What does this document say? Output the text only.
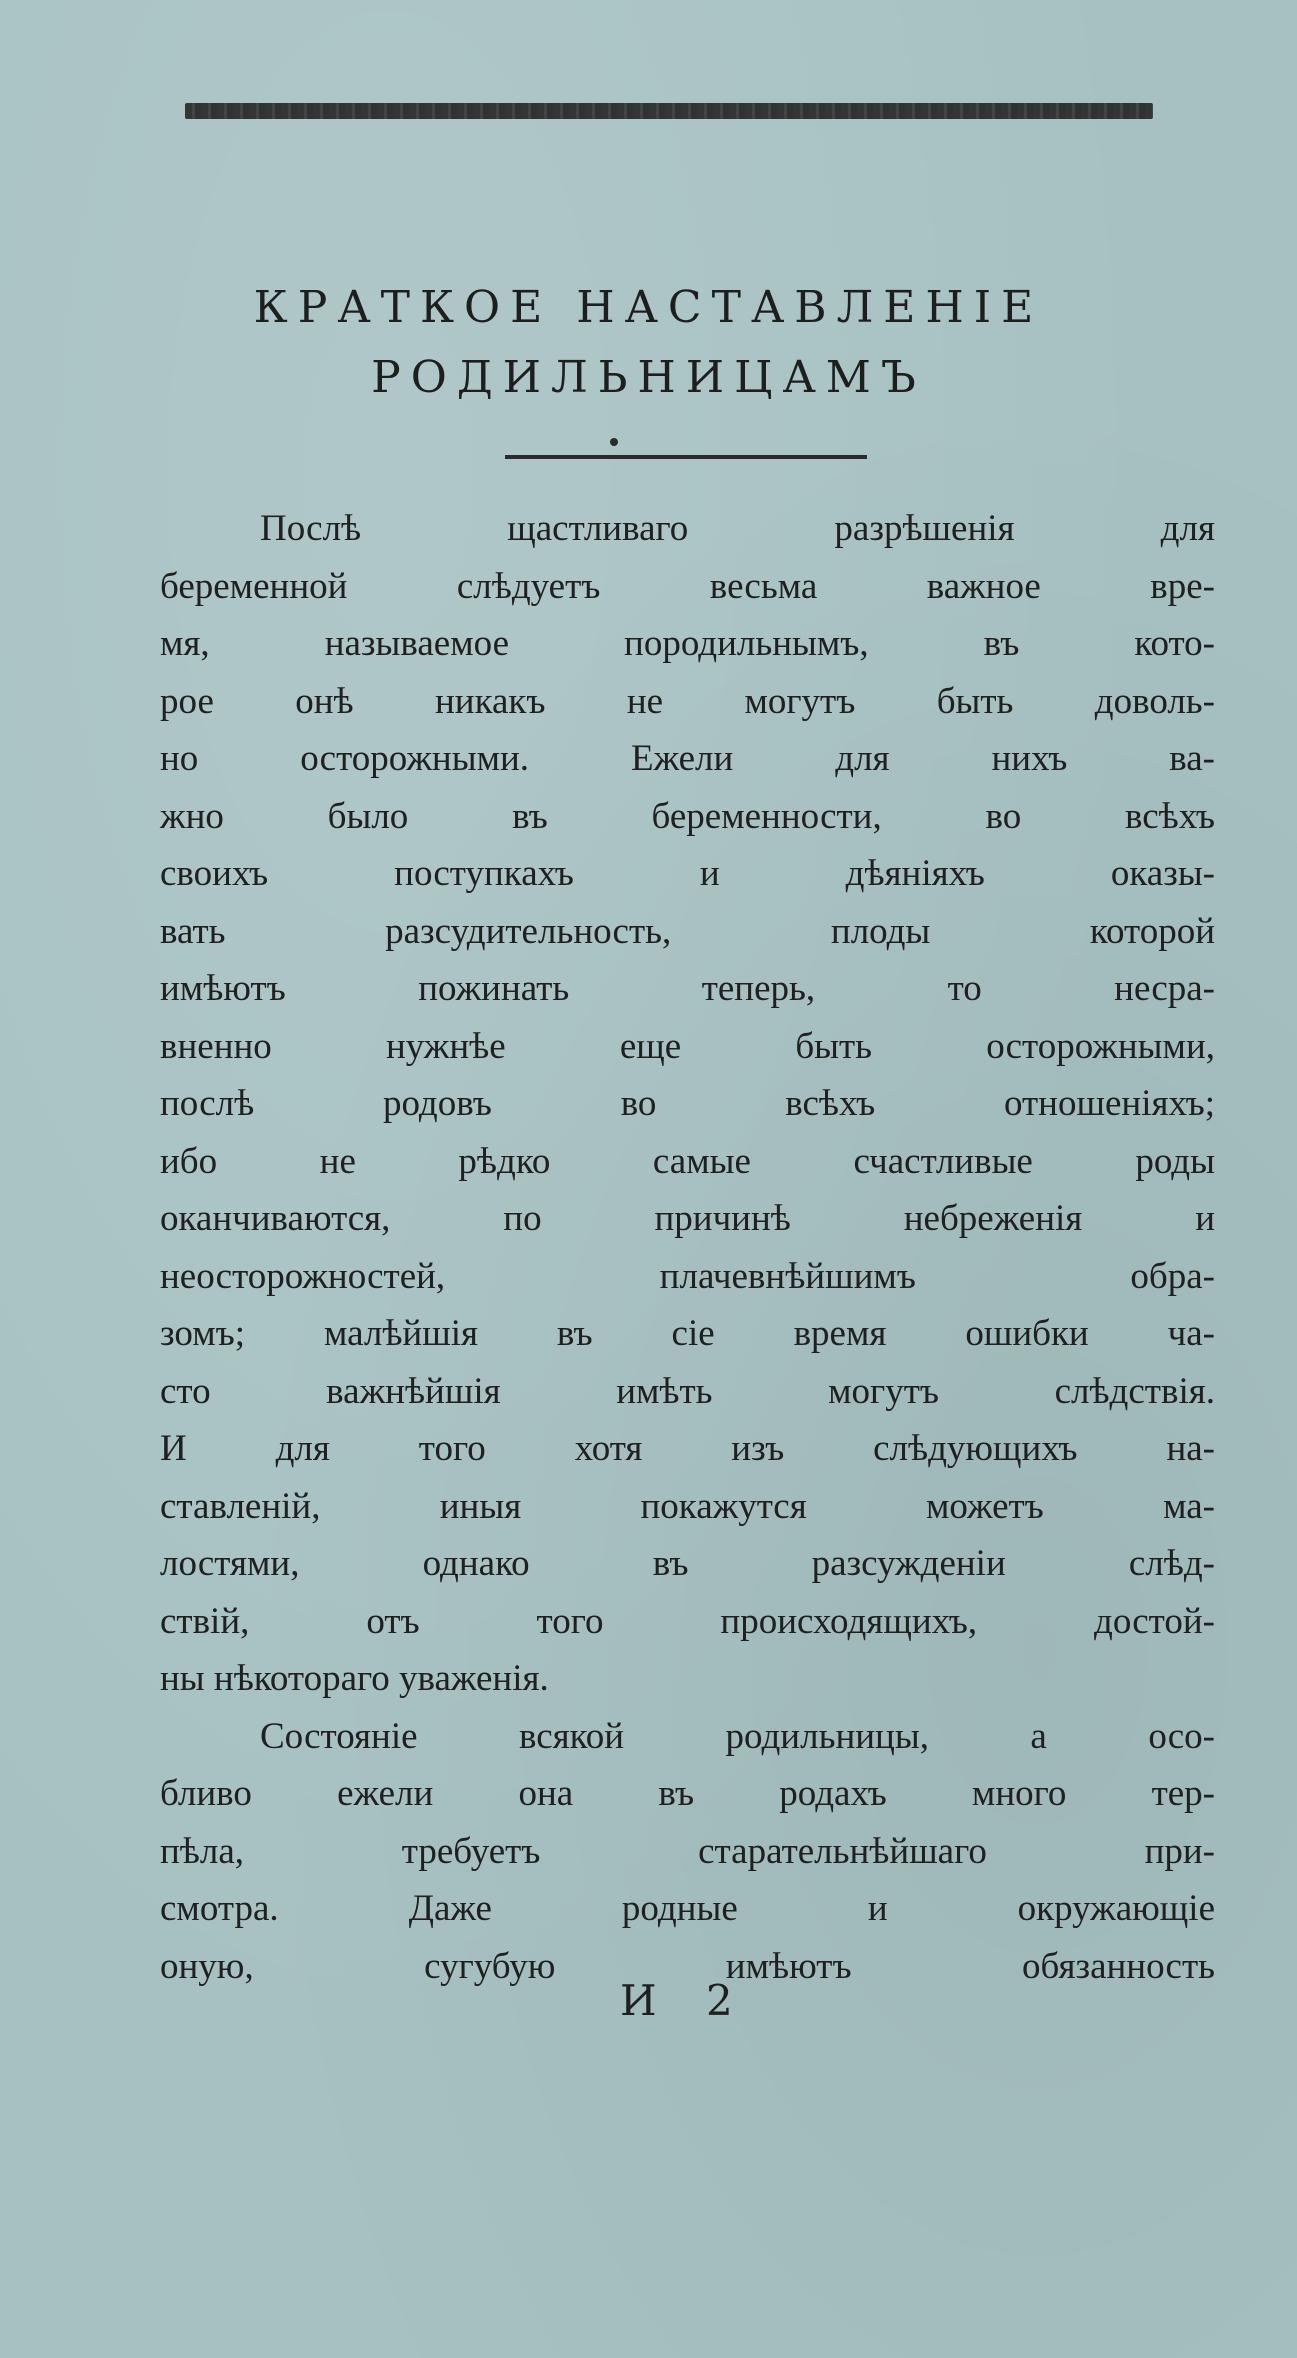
КРАТКОЕ НАСТАВЛЕНІЕ
РОДИЛЬНИЦАМЪ
Послѣ щастливаго разрѣшенія для
беременной слѣдуетъ весьма важное вре-
мя, называемое породильнымъ, въ кото-
рое онѣ никакъ не могутъ быть доволь-
но осторожными. Ежели для нихъ ва-
жно было въ беременности, во всѣхъ
своихъ поступкахъ и дѣяніяхъ оказы-
вать разсудительность, плоды которой
имѣютъ пожинать теперь, то несра-
вненно нужнѣе еще быть осторожными,
послѣ родовъ во всѣхъ отношеніяхъ;
ибо не рѣдко самые счастливые роды
оканчиваются, по причинѣ небреженія и
неосторожностей, плачевнѣйшимъ обра-
зомъ; малѣйшія въ сіе время ошибки ча-
сто важнѣйшія имѣть могутъ слѣдствія.
И для того хотя изъ слѣдующихъ на-
ставленій, иныя покажутся можетъ ма-
лостями, однако въ разсужденіи слѣд-
ствій, отъ того происходящихъ, достой-
ны нѣкотораго уваженія.
Состояніе всякой родильницы, а осо-
бливо ежели она въ родахъ много тер-
пѣла, требуетъ старательнѣйшаго при-
смотра. Даже родные и окружающіе
оную, сугубую имѣютъ обязанность
И 2
